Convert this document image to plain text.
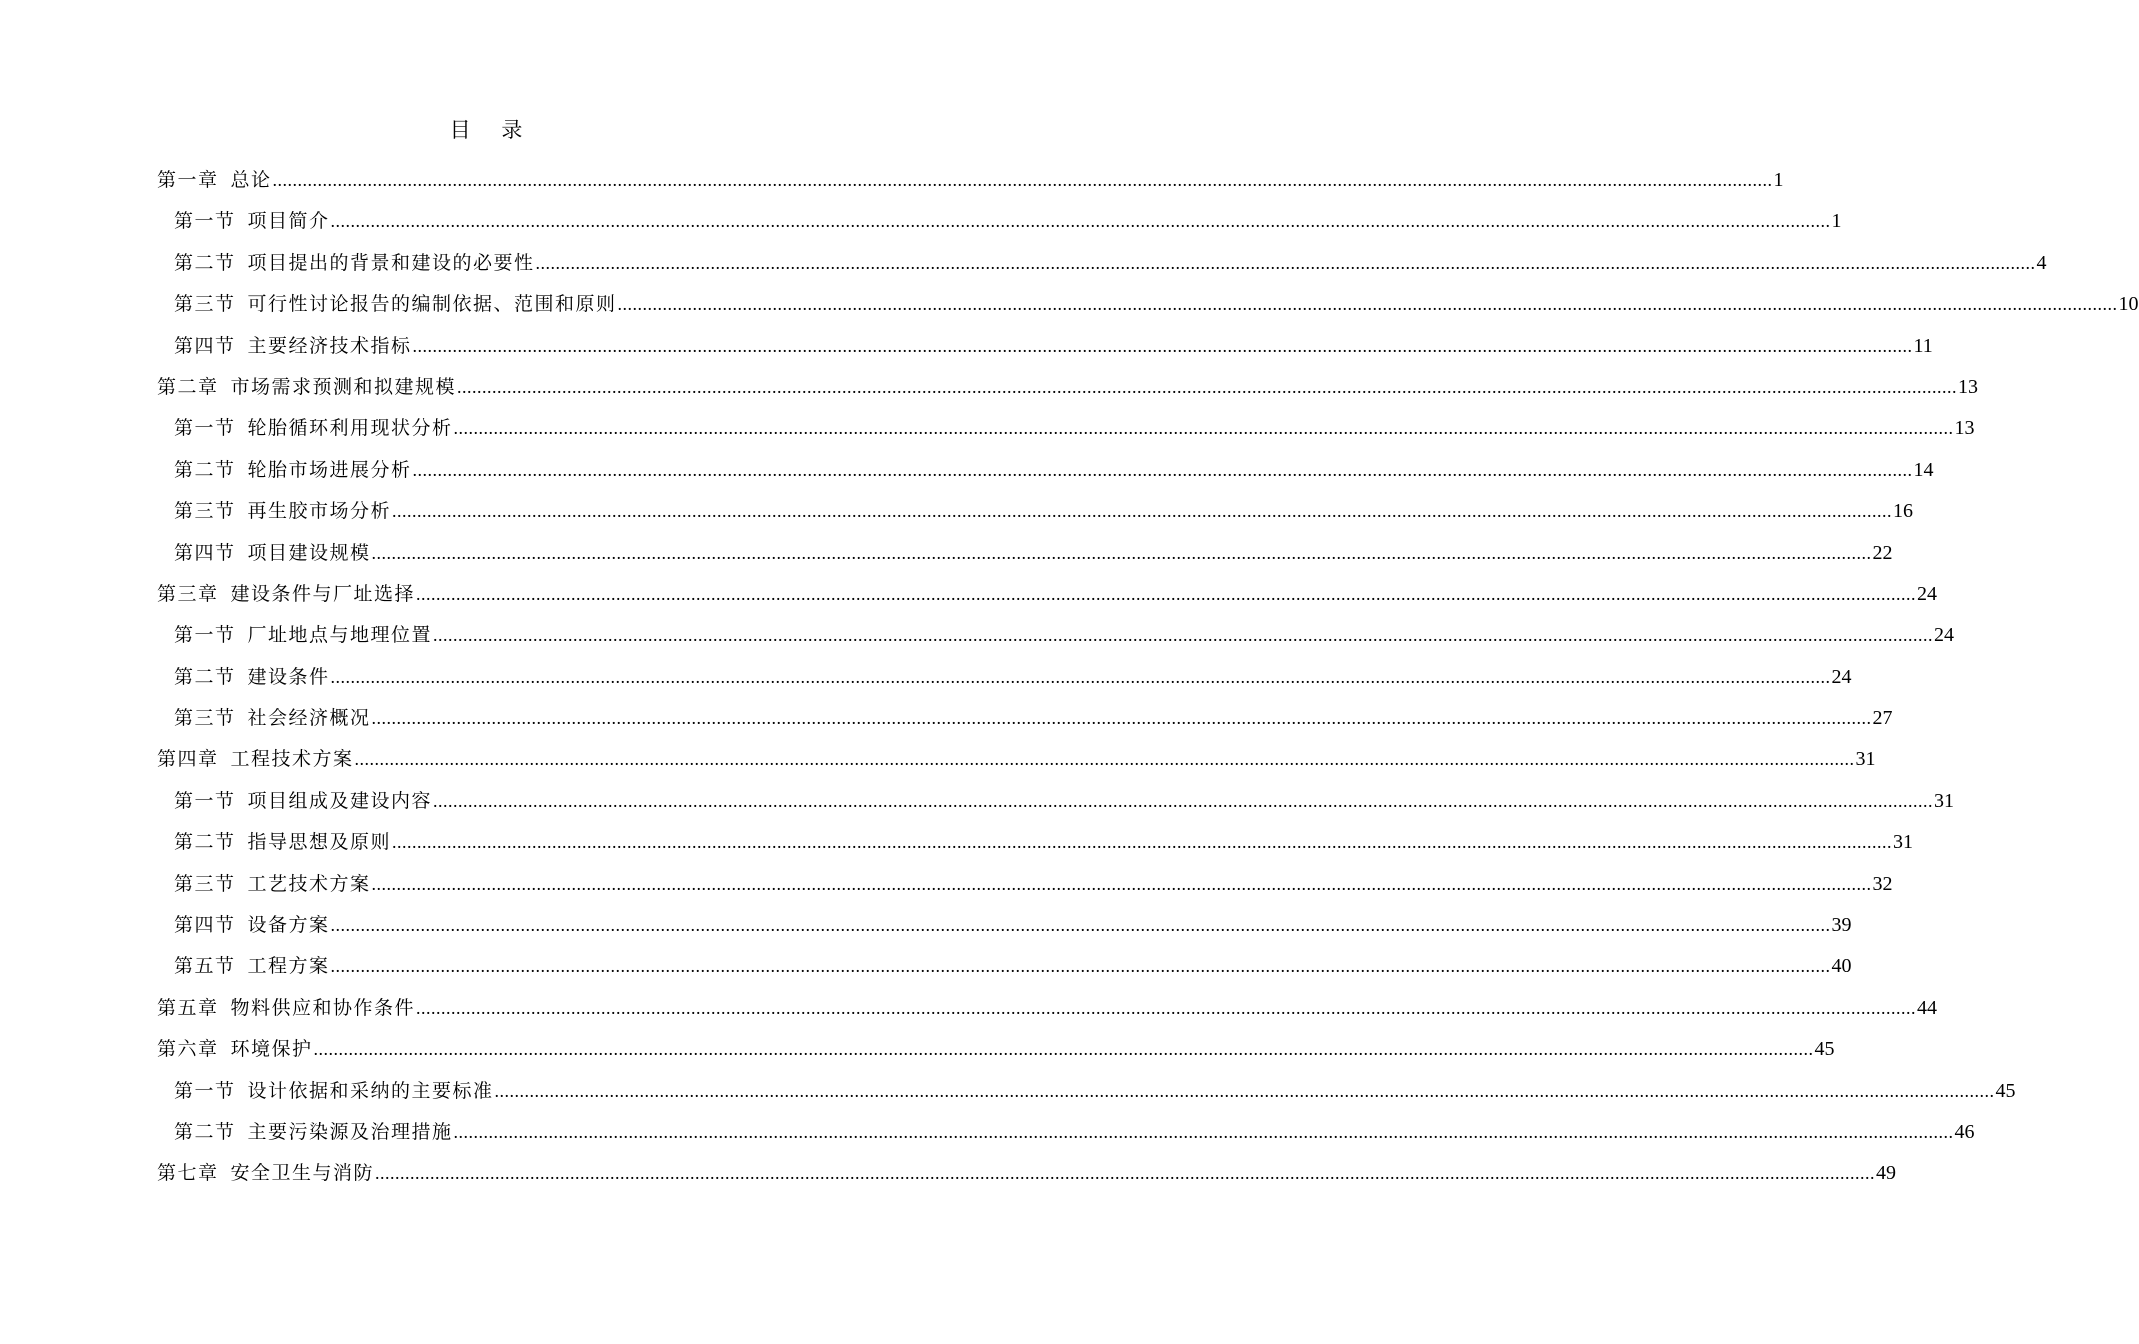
目 录
第一章 总论 ............................................................................................................................................................................................................................................................................................................ 1
第一节 项目简介 ............................................................................................................................................................................................................................................................................................................ 1
第二节 项目提出的背景和建设的必要性 ............................................................................................................................................................................................................................................................................................................ 4
第三节 可行性讨论报告的编制依据、范围和原则 ............................................................................................................................................................................................................................................................................................................ 10
第四节 主要经济技术指标 ............................................................................................................................................................................................................................................................................................................ 11
第二章 市场需求预测和拟建规模 ............................................................................................................................................................................................................................................................................................................ 13
第一节 轮胎循环利用现状分析 ............................................................................................................................................................................................................................................................................................................ 13
第二节 轮胎市场进展分析 ............................................................................................................................................................................................................................................................................................................ 14
第三节 再生胶市场分析 ............................................................................................................................................................................................................................................................................................................ 16
第四节 项目建设规模 ............................................................................................................................................................................................................................................................................................................ 22
第三章 建设条件与厂址选择 ............................................................................................................................................................................................................................................................................................................ 24
第一节 厂址地点与地理位置 ............................................................................................................................................................................................................................................................................................................ 24
第二节 建设条件 ............................................................................................................................................................................................................................................................................................................ 24
第三节 社会经济概况 ............................................................................................................................................................................................................................................................................................................ 27
第四章 工程技术方案 ............................................................................................................................................................................................................................................................................................................ 31
第一节 项目组成及建设内容 ............................................................................................................................................................................................................................................................................................................ 31
第二节 指导思想及原则 ............................................................................................................................................................................................................................................................................................................ 31
第三节 工艺技术方案 ............................................................................................................................................................................................................................................................................................................ 32
第四节 设备方案 ............................................................................................................................................................................................................................................................................................................ 39
第五节 工程方案 ............................................................................................................................................................................................................................................................................................................ 40
第五章 物料供应和协作条件 ............................................................................................................................................................................................................................................................................................................ 44
第六章 环境保护 ............................................................................................................................................................................................................................................................................................................ 45
第一节 设计依据和采纳的主要标准 ............................................................................................................................................................................................................................................................................................................ 45
第二节 主要污染源及治理措施 ............................................................................................................................................................................................................................................................................................................ 46
第七章 安全卫生与消防 ............................................................................................................................................................................................................................................................................................................ 49
